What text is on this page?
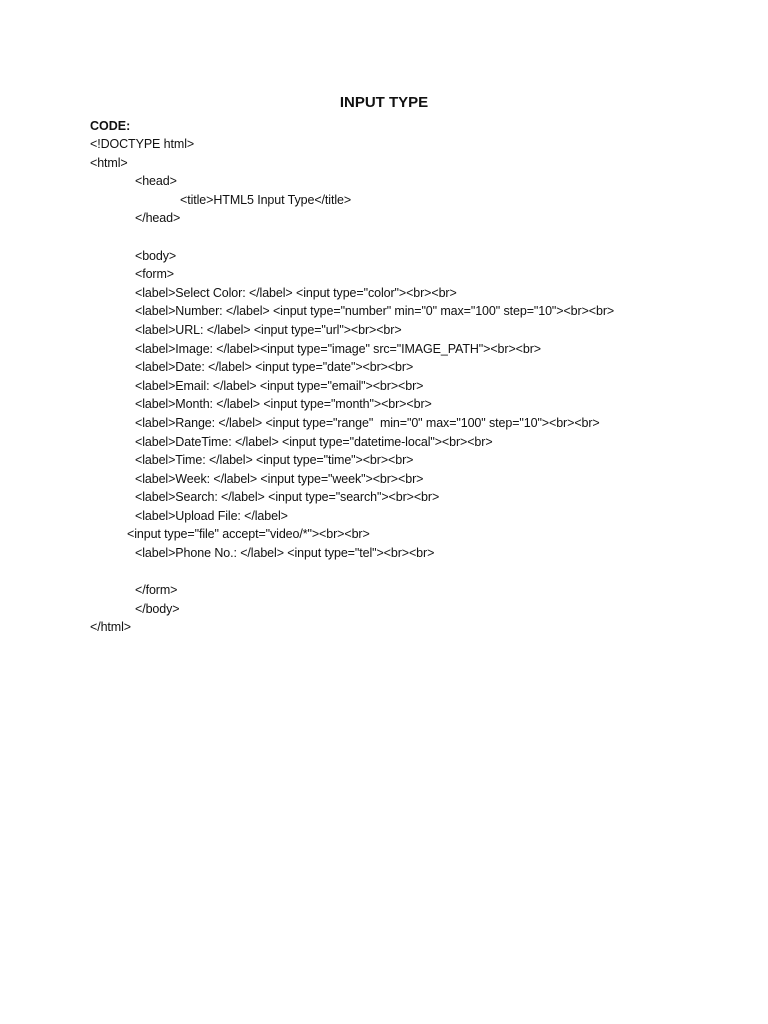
INPUT TYPE

CODE:

<!DOCTYPE html>
<html>
<head>
<title>HTML5 Input Type</title>
</head>
<body>
<form>
<label>Select Color: </label> <input type="color"><br><br>
<label>Number: </label> <input type="number" min="0" max="100" step="10"><br><br>
<label>URL: </label> <input type="url"><br><br>
<label>Image: </label><input type="image" src="IMAGE_PATH"><br><br>
<label>Date: </label> <input type="date"><br><br>
<label>Email: </label> <input type="email"><br><br>
<label>Month: </label> <input type="month"><br><br>
<label>Range: </label> <input type="range"  min="0" max="100" step="10"><br><br>
<label>DateTime: </label> <input type="datetime-local"><br><br>
<label>Time: </label> <input type="time"><br><br>
<label>Week: </label> <input type="week"><br><br>
<label>Search: </label> <input type="search"><br><br>
<label>Upload File: </label>
<input type="file" accept="video/*"><br><br>
<label>Phone No.: </label> <input type="tel"><br><br>
</form>
</body>
</html>
